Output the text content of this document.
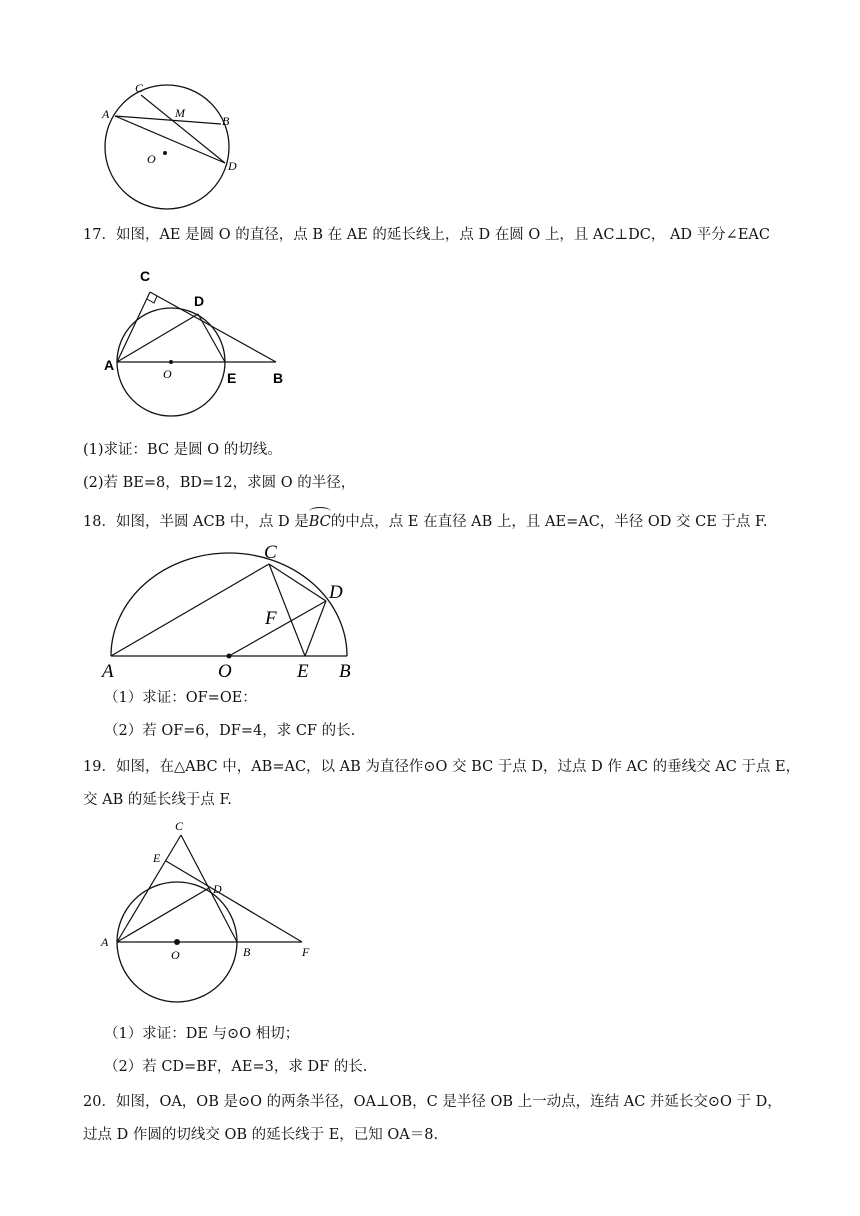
C
A	M
B
O	D
17．如图，AE 是圆 O 的直径，点 B 在 AE 的延长线上，点 D 在圆 O 上，且 AC⊥DC， AD 平分∠EAC
C
D
A
O	E	B
(1)求证：BC 是圆 O 的切线。
(2)若 BE=8，BD=12，求圆 O 的半径，
18．如图，半圆 ACB 中，点 D 是BC的中点，点 E 在直径 AB 上，且 AE=AC，半径 OD 交 CE 于点 F.
C
D
F
A	O	E B
（1）求证：OF=OE：
（2）若 OF=6，DF=4，求 CF 的长.
19．如图，在△ABC 中，AB=AC，以 AB 为直径作⊙O 交 BC 于点 D，过点 D 作 AC 的垂线交 AC 于点 E，
交 AB 的延长线于点 F.
C
E
D
A
O	B	F
（1）求证：DE 与⊙O 相切；
（2）若 CD=BF，AE=3，求 DF 的长.
20．如图，OA，OB 是⊙O 的两条半径，OA⊥OB，C 是半径 OB 上一动点，连结 AC 并延长交⊙O 于 D，
过点 D 作圆的切线交 OB 的延长线于 E，已知 OA＝8.
